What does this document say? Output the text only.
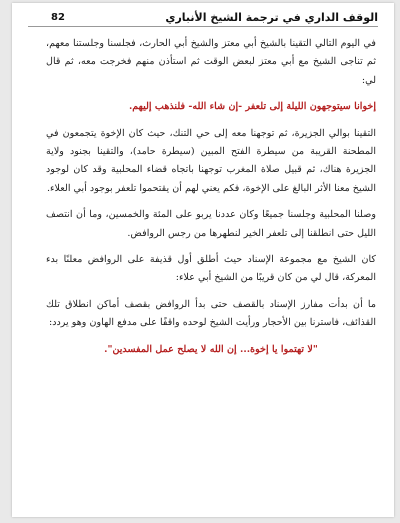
الوقف الداري في ترجمة الشيخ الأنباري
82

في اليوم التالي التقينا بالشيخ أبي معتز والشيخ أبي الحارث، فجلسنا وجلستنا معهم، ثم تناجى الشيخ مع أبي معتز لبعض الوقت ثم استأذن منهم فخرجت معه، ثم قال لي:

إخوانا سيتوجهون الليلة إلى تلعفر -إن شاء الله- فلنذهب إليهم.

التقينا بوالي الجزيرة، ثم توجهنا معه إلى حي التنك، حيث كان الإخوة يتجمعون في المطحنة القريبة من سيطرة الفتح المبين (سيطرة حامد)، والتقينا بجنود ولاية الجزيرة هناك، ثم قبيل صلاة المغرب توجهنا باتجاه قضاء المحلبية وقد كان لوجود الشيخ معنا الأثر البالغ على الإخوة، فكم يعني لهم أن يقتحموا تلعفر بوجود أبي العلاء.

وصلنا المحلبية وجلسنا جميعًا وكان عددنا يربو على المئة والخمسين، وما أن انتصف الليل حتى انطلقنا إلى تلعفر الخير لنطهرها من رجس الروافض.

كان الشيخ مع مجموعة الإسناد حيث أطلق أول قذيفة على الروافض معلنًا بدء المعركة، قال لي من كان قريبًا من الشيخ أبي علاء:

ما أن بدأت مفارز الإسناد بالقصف حتى بدأ الروافض بقصف أماكن انطلاق تلك القذائف، فاسترنا بين الأحجار ورأيت الشيخ لوحده واقفًا على مدفع الهاون وهو يردد:

"لا تهتموا يا إخوة... إن الله لا يصلح عمل المفسدين".
